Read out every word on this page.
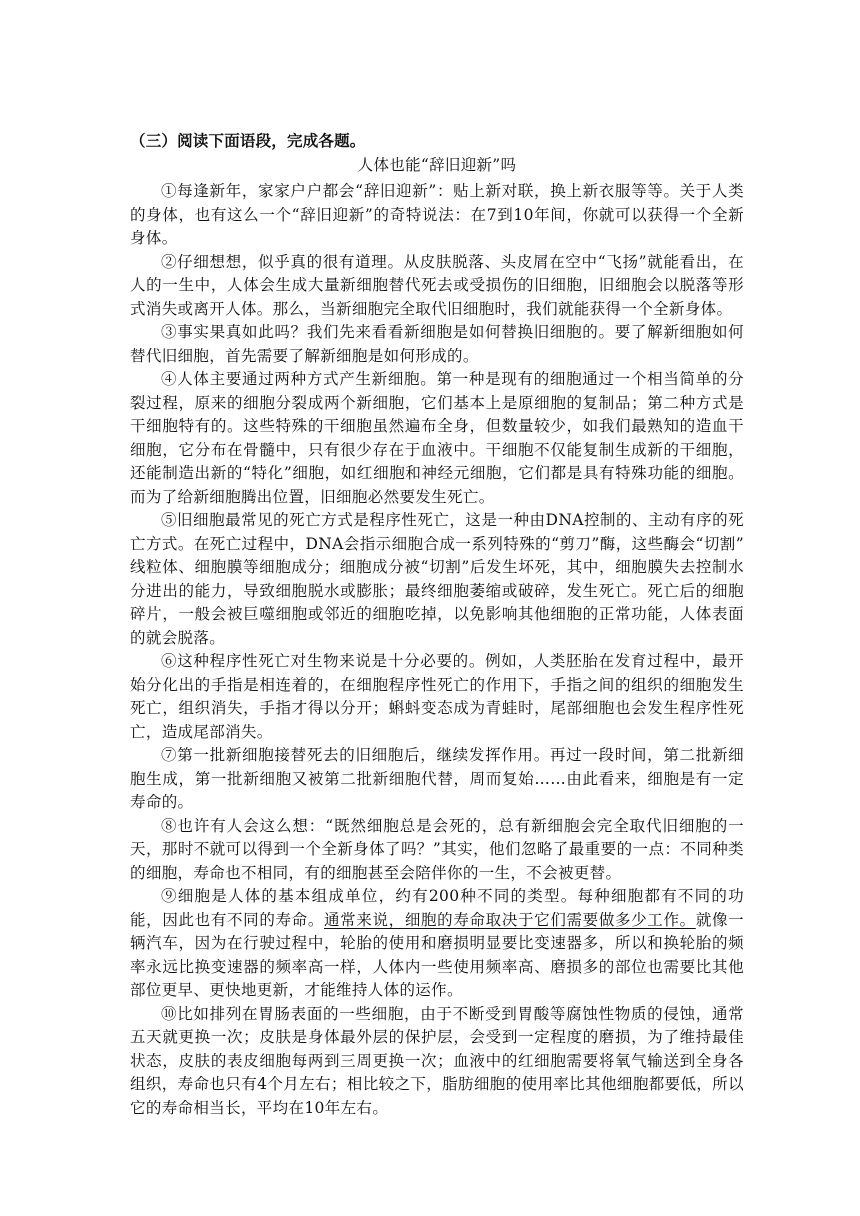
（三）阅读下面语段，完成各题。
人体也能“辞旧迎新”吗

①每逢新年，家家户户都会“辞旧迎新”：贴上新对联，换上新衣服等等。关于人类的身体，也有这么一个“辞旧迎新”的奇特说法：在7到10年间，你就可以获得一个全新身体。

②仔细想想，似乎真的很有道理。从皮肤脱落、头皮屑在空中“飞扬”就能看出，在人的一生中，人体会生成大量新细胞替代死去或受损伤的旧细胞，旧细胞会以脱落等形式消失或离开人体。那么，当新细胞完全取代旧细胞时，我们就能获得一个全新身体。

③事实果真如此吗？我们先来看看新细胞是如何替换旧细胞的。要了解新细胞如何替代旧细胞，首先需要了解新细胞是如何形成的。

④人体主要通过两种方式产生新细胞。第一种是现有的细胞通过一个相当简单的分裂过程，原来的细胞分裂成两个新细胞，它们基本上是原细胞的复制品；第二种方式是干细胞特有的。这些特殊的干细胞虽然遍布全身，但数量较少，如我们最熟知的造血干细胞，它分布在骨髓中，只有很少存在于血液中。干细胞不仅能复制生成新的干细胞，还能制造出新的“特化”细胞，如红细胞和神经元细胞，它们都是具有特殊功能的细胞。而为了给新细胞腾出位置，旧细胞必然要发生死亡。

⑤旧细胞最常见的死亡方式是程序性死亡，这是一种由DNA控制的、主动有序的死亡方式。在死亡过程中，DNA会指示细胞合成一系列特殊的“剪刀”酶，这些酶会“切割” 线粒体、细胞膜等细胞成分；细胞成分被“切割”后发生坏死，其中，细胞膜失去控制水分进出的能力，导致细胞脱水或膨胀；最终细胞萎缩或破碎，发生死亡。死亡后的细胞碎片，一般会被巨噬细胞或邻近的细胞吃掉，以免影响其他细胞的正常功能，人体表面的就会脱落。

⑥这种程序性死亡对生物来说是十分必要的。例如，人类胚胎在发育过程中，最开始分化出的手指是相连着的，在细胞程序性死亡的作用下，手指之间的组织的细胞发生死亡，组织消失，手指才得以分开；蝌蚪变态成为青蛙时，尾部细胞也会发生程序性死亡，造成尾部消失。

⑦第一批新细胞接替死去的旧细胞后，继续发挥作用。再过一段时间，第二批新细胞生成，第一批新细胞又被第二批新细胞代替，周而复始……由此看来，细胞是有一定寿命的。

⑧也许有人会这么想：“既然细胞总是会死的，总有新细胞会完全取代旧细胞的一天，那时不就可以得到一个全新身体了吗？”其实，他们忽略了最重要的一点：不同种类的细胞，寿命也不相同，有的细胞甚至会陪伴你的一生，不会被更替。

⑨细胞是人体的基本组成单位，约有200种不同的类型。每种细胞都有不同的功能，因此也有不同的寿命。通常来说，细胞的寿命取决于它们需要做多少工作。就像一辆汽车，因为在行驶过程中，轮胎的使用和磨损明显要比变速器多，所以和换轮胎的频率永远比换变速器的频率高一样，人体内一些使用频率高、磨损多的部位也需要比其他部位更早、更快地更新，才能维持人体的运作。

⑩比如排列在胃肠表面的一些细胞，由于不断受到胃酸等腐蚀性物质的侵蚀，通常五天就更换一次；皮肤是身体最外层的保护层，会受到一定程度的磨损，为了维持最佳状态，皮肤的表皮细胞每两到三周更换一次；血液中的红细胞需要将氧气输送到全身各组织，寿命也只有4个月左右；相比较之下，脂肪细胞的使用率比其他细胞都要低，所以它的寿命相当长，平均在10年左右。
